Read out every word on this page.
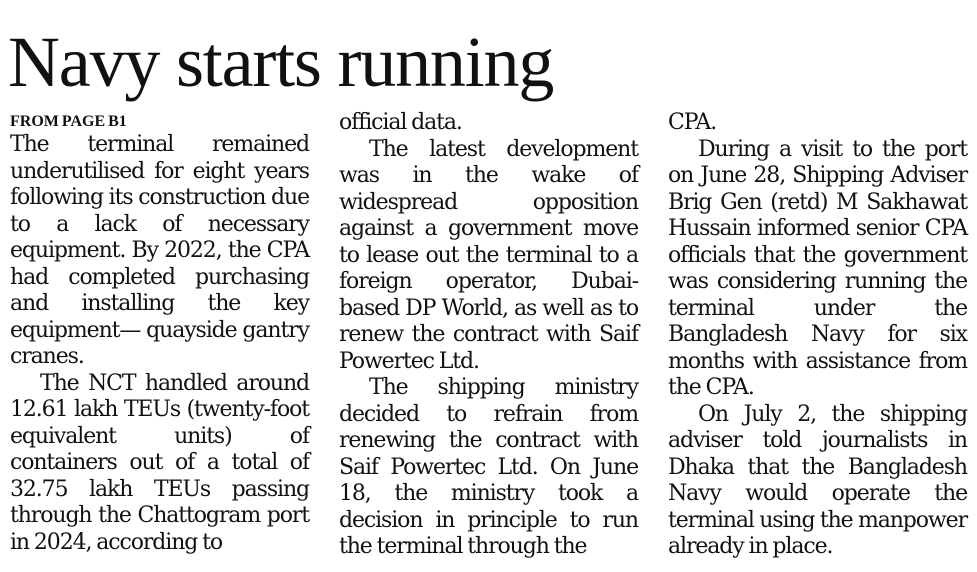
Navy starts running
FROM PAGE B1

The terminal remained underutilised for eight years following its construction due to a lack of necessary equipment. By 2022, the CPA had completed purchasing and installing the key equipment— quayside gantry cranes.

The NCT handled around 12.61 lakh TEUs (twenty-foot equivalent units) of containers out of a total of 32.75 lakh TEUs passing through the Chattogram port in 2024, according to

official data.

The latest development was in the wake of widespread opposition against a government move to lease out the terminal to a foreign operator, Dubai-based DP World, as well as to renew the contract with Saif Powertec Ltd.

The shipping ministry decided to refrain from renewing the contract with Saif Powertec Ltd. On June 18, the ministry took a decision in principle to run the terminal through the

CPA.

During a visit to the port on June 28, Shipping Adviser Brig Gen (retd) M Sakhawat Hussain informed senior CPA officials that the government was considering running the terminal under the Bangladesh Navy for six months with assistance from the CPA.

On July 2, the shipping adviser told journalists in Dhaka that the Bangladesh Navy would operate the terminal using the manpower already in place.
